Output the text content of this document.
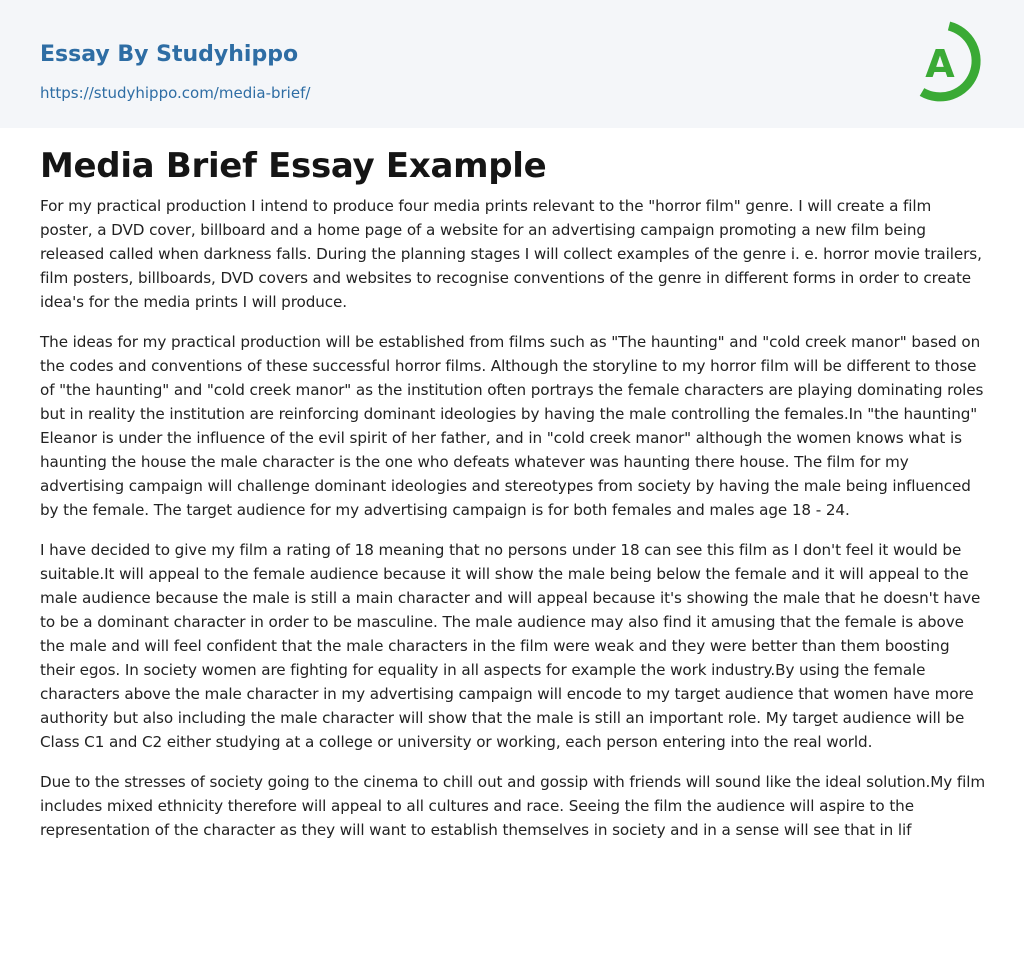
Essay By Studyhippo
https://studyhippo.com/media-brief/
A
Media Brief Essay Example

For my practical production I intend to produce four media prints relevant to the "horror film" genre. I will create a film poster, a DVD cover, billboard and a home page of a website for an advertising campaign promoting a new film being released called when darkness falls. During the planning stages I will collect examples of the genre i. e. horror movie trailers, film posters, billboards, DVD covers and websites to recognise conventions of the genre in different forms in order to create idea's for the media prints I will produce.

The ideas for my practical production will be established from films such as "The haunting" and "cold creek manor" based on the codes and conventions of these successful horror films. Although the storyline to my horror film will be different to those of "the haunting" and "cold creek manor" as the institution often portrays the female characters are playing dominating roles but in reality the institution are reinforcing dominant ideologies by having the male controlling the females.In "the haunting" Eleanor is under the influence of the evil spirit of her father, and in "cold creek manor" although the women knows what is haunting the house the male character is the one who defeats whatever was haunting there house. The film for my advertising campaign will challenge dominant ideologies and stereotypes from society by having the male being influenced by the female. The target audience for my advertising campaign is for both females and males age 18 - 24.

I have decided to give my film a rating of 18 meaning that no persons under 18 can see this film as I don't feel it would be suitable.It will appeal to the female audience because it will show the male being below the female and it will appeal to the male audience because the male is still a main character and will appeal because it's showing the male that he doesn't have to be a dominant character in order to be masculine. The male audience may also find it amusing that the female is above the male and will feel confident that the male characters in the film were weak and they were better than them boosting their egos. In society women are fighting for equality in all aspects for example the work industry.By using the female characters above the male character in my advertising campaign will encode to my target audience that women have more authority but also including the male character will show that the male is still an important role. My target audience will be Class C1 and C2 either studying at a college or university or working, each person entering into the real world.

Due to the stresses of society going to the cinema to chill out and gossip with friends will sound like the ideal solution.My film includes mixed ethnicity therefore will appeal to all cultures and race. Seeing the film the audience will aspire to the representation of the character as they will want to establish themselves in society and in a sense will see that in lif
